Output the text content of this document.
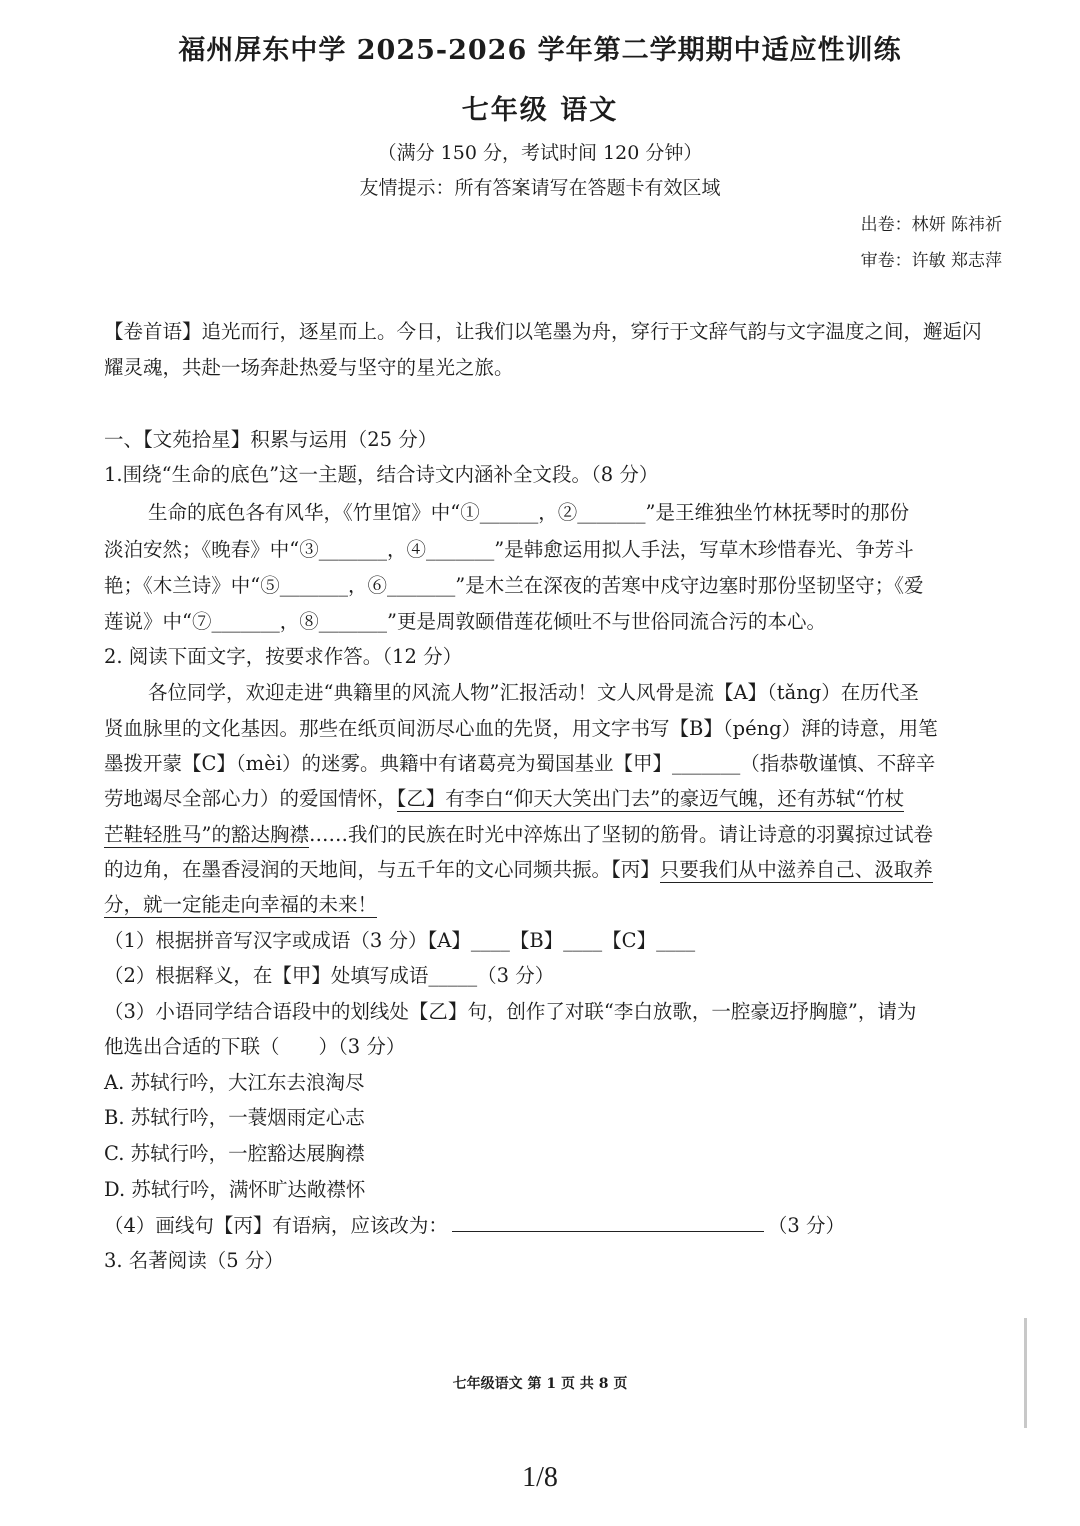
福州屏东中学 2025-2026 学年第二学期期中适应性训练
七年级 语文
（满分 150 分，考试时间 120 分钟）
友情提示：所有答案请写在答题卡有效区域
出卷：林妍 陈祎祈
审卷：许敏 郑志萍
【卷首语】追光而行，逐星而上。今日，让我们以笔墨为舟，穿行于文辞气韵与文字温度之间，邂逅闪耀灵魂，共赴一场奔赴热爱与坚守的星光之旅。
一、【文苑拾星】积累与运用（25 分）
1.围绕“生命的底色”这一主题，结合诗文内涵补全文段。（8 分）
生命的底色各有风华，《竹里馆》中“①______，②_______”是王维独坐竹林抚琴时的那份
淡泊安然；《晚春》中“③_______，④_______”是韩愈运用拟人手法，写草木珍惜春光、争芳斗
艳；《木兰诗》中“⑤_______，⑥_______”是木兰在深夜的苦寒中戍守边塞时那份坚韧坚守；《爱
莲说》中“⑦_______，⑧_______”更是周敦颐借莲花倾吐不与世俗同流合污的本心。
2. 阅读下面文字，按要求作答。（12 分）
各位同学，欢迎走进“典籍里的风流人物”汇报活动！文人风骨是流【A】（tǎng）在历代圣
贤血脉里的文化基因。那些在纸页间沥尽心血的先贤，用文字书写【B】（péng）湃的诗意，用笔
墨拨开蒙【C】（mèi）的迷雾。典籍中有诸葛亮为蜀国基业【甲】_______（指恭敬谨慎、不辞辛
劳地竭尽全部心力）的爱国情怀，【乙】有李白“仰天大笑出门去”的豪迈气魄，还有苏轼“竹杖
芒鞋轻胜马”的豁达胸襟……我们的民族在时光中淬炼出了坚韧的筋骨。请让诗意的羽翼掠过试卷
的边角，在墨香浸润的天地间，与五千年的文心同频共振。【丙】只要我们从中滋养自己、汲取养
分，就一定能走向幸福的未来！
（1）根据拼音写汉字或成语（3 分）【A】____【B】____【C】____
（2）根据释义，在【甲】处填写成语_____（3 分）
（3）小语同学结合语段中的划线处【乙】句，创作了对联“李白放歌，一腔豪迈抒胸臆”，请为
他选出合适的下联（　　）（3 分）
A. 苏轼行吟，大江东去浪淘尽
B. 苏轼行吟，一蓑烟雨定心志
C. 苏轼行吟，一腔豁达展胸襟
D. 苏轼行吟，满怀旷达敞襟怀
（4）画线句【丙】有语病，应该改为：	（3 分）
3. 名著阅读（5 分）
七年级语文 第 1 页 共 8 页
1/8
